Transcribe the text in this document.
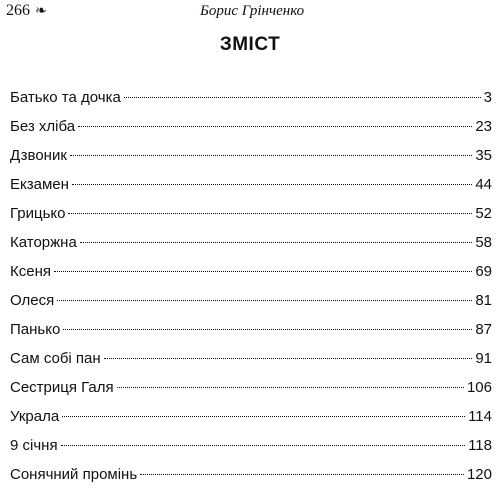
266 ❧	Борис Грінченко
ЗМІСТ
Батько та дочка	3
Без хліба	23
Дзвоник	35
Екзамен	44
Грицько	52
Каторжна	58
Ксеня	69
Олеся	81
Панько	87
Сам собі пан	91
Сестриця Галя	106
Украла	114
9 січня	118
Сонячний промінь	120
